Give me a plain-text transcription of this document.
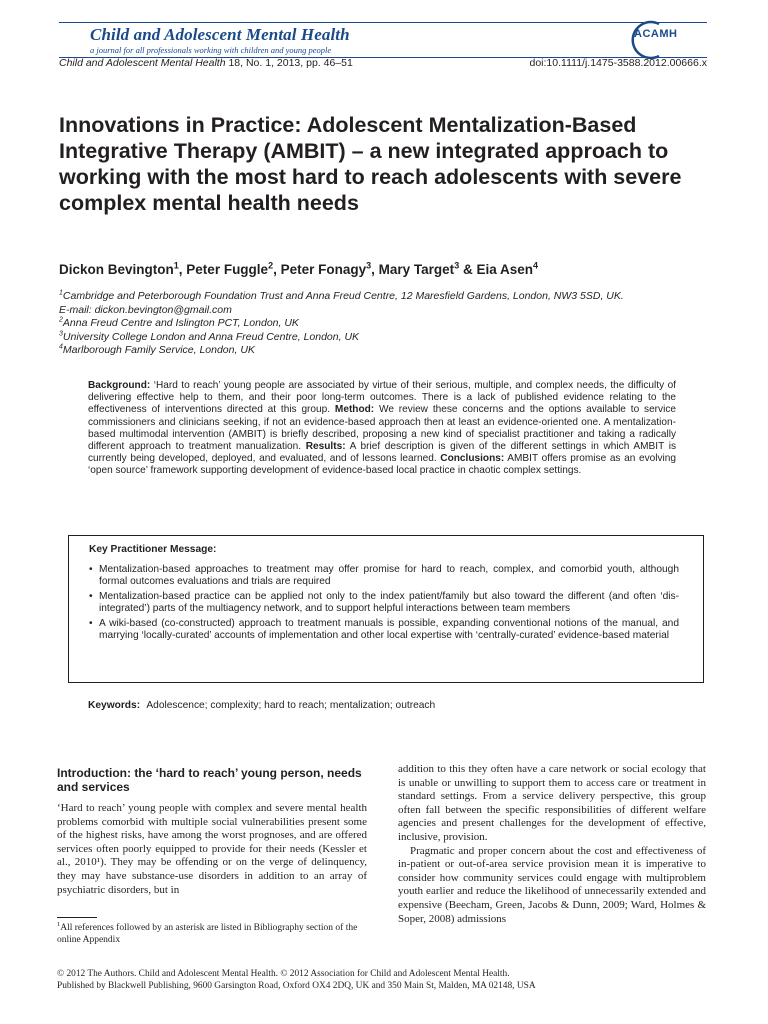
Child and Adolescent Mental Health
a journal for all professionals working with children and young people
ACAMH
Child and Adolescent Mental Health 18, No. 1, 2013, pp. 46–51	doi:10.1111/j.1475-3588.2012.00666.x
Innovations in Practice: Adolescent Mentalization-Based Integrative Therapy (AMBIT) – a new integrated approach to working with the most hard to reach adolescents with severe complex mental health needs
Dickon Bevington$^1$, Peter Fuggle$^2$, Peter Fonagy$^3$, Mary Target$^3$ & Eia Asen$^4$
$^1$Cambridge and Peterborough Foundation Trust and Anna Freud Centre, 12 Maresfield Gardens, London, NW3 5SD, UK.
E-mail: dickon.bevington@gmail.com
$^2$Anna Freud Centre and Islington PCT, London, UK
$^3$University College London and Anna Freud Centre, London, UK
$^4$Marlborough Family Service, London, UK
Background: ‘Hard to reach’ young people are associated by virtue of their serious, multiple, and complex needs, the difficulty of delivering effective help to them, and their poor long-term outcomes. There is a lack of published evidence relating to the effectiveness of interventions directed at this group. Method: We review these concerns and the options available to service commissioners and clinicians seeking, if not an evidence-based approach then at least an evidence-oriented one. A mentalization-based multimodal intervention (AMBIT) is briefly described, proposing a new kind of specialist practitioner and taking a radically different approach to treatment manualization. Results: A brief description is given of the different settings in which AMBIT is currently being developed, deployed, and evaluated, and of lessons learned. Conclusions: AMBIT offers promise as an evolving ‘open source’ framework supporting development of evidence-based local practice in chaotic complex settings.
Key Practitioner Message:
• Mentalization-based approaches to treatment may offer promise for hard to reach, complex, and comorbid youth, although formal outcomes evaluations and trials are required
• Mentalization-based practice can be applied not only to the index patient/family but also toward the different (and often ‘dis-integrated’) parts of the multiagency network, and to support helpful interactions between team members
• A wiki-based (co-constructed) approach to treatment manuals is possible, expanding conventional notions of the manual, and marrying ‘locally-curated’ accounts of implementation and other local expertise with ‘centrally-curated’ evidence-based material
Keywords: Adolescence; complexity; hard to reach; mentalization; outreach
Introduction: the ‘hard to reach’ young person, needs and services

‘Hard to reach’ young people with complex and severe mental health problems comorbid with multiple social vulnerabilities present some of the highest risks, have among the worst prognoses, and are offered services often poorly equipped to provide for their needs (Kessler et al., 2010¹). They may be offending or on the verge of delinquency, they may have substance-use disorders in addition to an array of psychiatric disorders, but in

addition to this they often have a care network or social ecology that is unable or unwilling to support them to access care or treatment in standard settings. From a service delivery perspective, this group often fall between the specific responsibilities of different welfare agencies and present challenges for the development of effective, inclusive, provision.

Pragmatic and proper concern about the cost and effectiveness of in-patient or out-of-area service provision mean it is imperative to consider how community services could engage with multiproblem youth earlier and reduce the likelihood of unnecessarily extended and expensive (Beecham, Green, Jacobs & Dunn, 2009; Ward, Holmes & Soper, 2008) admissions

$^1$All references followed by an asterisk are listed in Bibliography section of the online Appendix
© 2012 The Authors. Child and Adolescent Mental Health. © 2012 Association for Child and Adolescent Mental Health.
Published by Blackwell Publishing, 9600 Garsington Road, Oxford OX4 2DQ, UK and 350 Main St, Malden, MA 02148, USA
